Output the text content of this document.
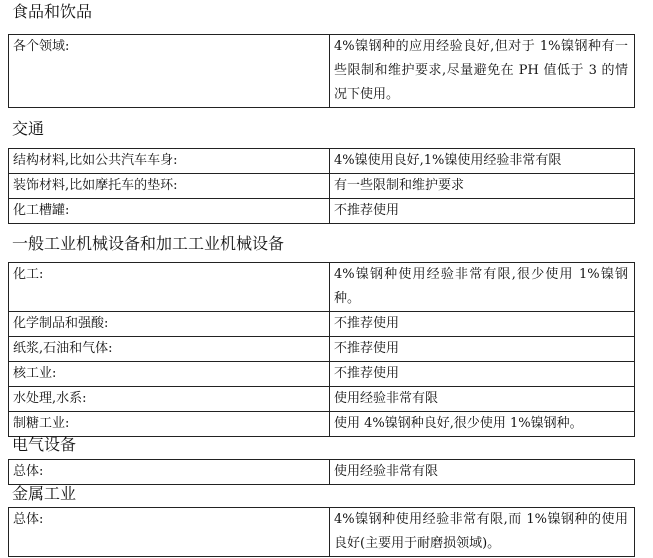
食品和饮品
各个领域:	4%镍钢种的应用经验良好,但对于 1%镍钢种有一些限制和维护要求,尽量避免在 PH 值低于 3 的情况下使用。
交通
结构材料,比如公共汽车车身:	4%镍使用良好,1%镍使用经验非常有限

装饰材料,比如摩托车的垫环:	有一些限制和维护要求

化工槽罐:	不推荐使用
一般工业机械设备和加工工业机械设备
化工:	4%镍钢种使用经验非常有限,很少使用 1%镍钢种。

化学制品和强酸:	不推荐使用

纸浆,石油和气体:	不推荐使用

核工业:	不推荐使用

水处理,水系:	使用经验非常有限

制糖工业:	使用 4%镍钢种良好,很少使用 1%镍钢种。
电气设备
总体:	使用经验非常有限
金属工业
总体:	4%镍钢种使用经验非常有限,而 1%镍钢种的使用良好(主要用于耐磨损领域)。
